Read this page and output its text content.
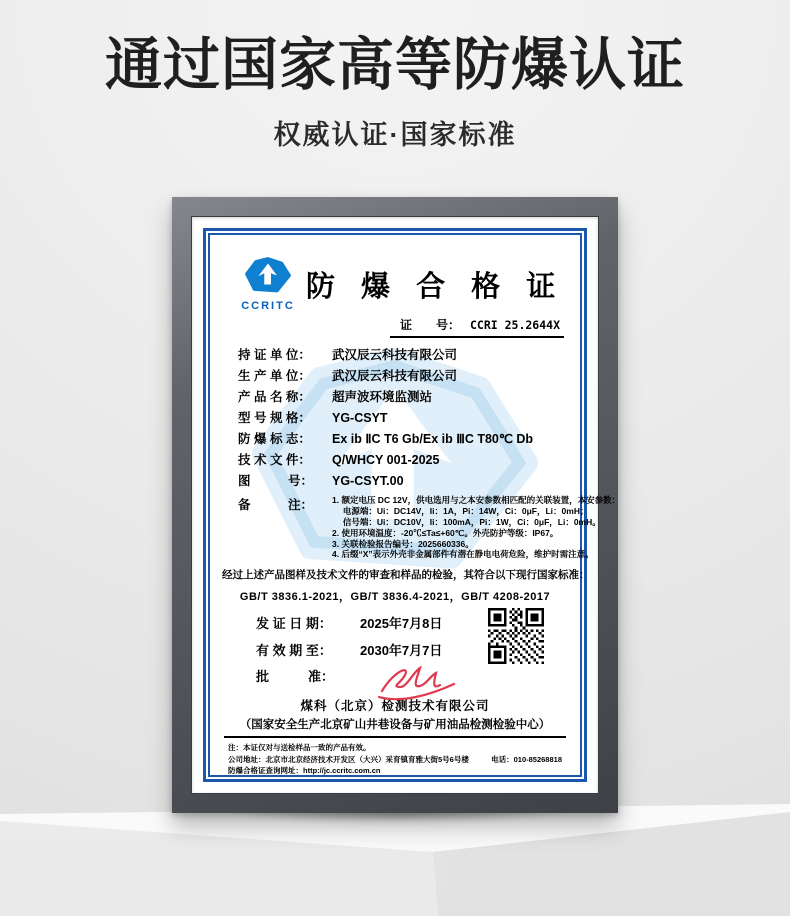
通过国家高等防爆认证
权威认证·国家标准
CCRITC
防 爆 合 格 证
证　　号： CCRI 25.2644X
持 证 单 位：	武汉辰云科技有限公司
生 产 单 位：	武汉辰云科技有限公司
产 品 名 称：	超声波环境监测站
型 号 规 格：	YG-CSYT
防 爆 标 志：	Ex ib ⅡC T6 Gb/Ex ib ⅢC T80℃ Db
技 术 文 件：	Q/WHCY 001-2025
图　　　号：	YG-CSYT.00
备　　　注：	1. 额定电压 DC 12V，供电选用与之本安参数相匹配的关联装置，本安参数：
　 电源端：Ui：DC14V，Ii：1A，Pi：14W，Ci：0μF，Li：0mH；
　 信号端：Ui：DC10V，Ii：100mA，Pi：1W，Ci：0μF，Li：0mH。
2. 使用环境温度：-20℃≤Ta≤+60℃。外壳防护等级：IP67。
3. 关联检验报告编号：2025660336。
4. 后缀“X”表示外壳非金属部件有潜在静电电荷危险，维护时需注意。
经过上述产品图样及技术文件的审查和样品的检验，其符合以下现行国家标准：
GB/T 3836.1-2021，GB/T 3836.4-2021，GB/T 4208-2017
发 证 日 期：	2025年7月8日
有 效 期 至：	2030年7月7日
批　　　准：
煤科（北京）检测技术有限公司
（国家安全生产北京矿山井巷设备与矿用油品检测检验中心）
注：本证仅对与送检样品一致的产品有效。
公司地址：北京市北京经济技术开发区（大兴）采育镇育雅大街5号6号楼	电话：010-85268818
防爆合格证查询网址：http://jc.ccritc.com.cn
